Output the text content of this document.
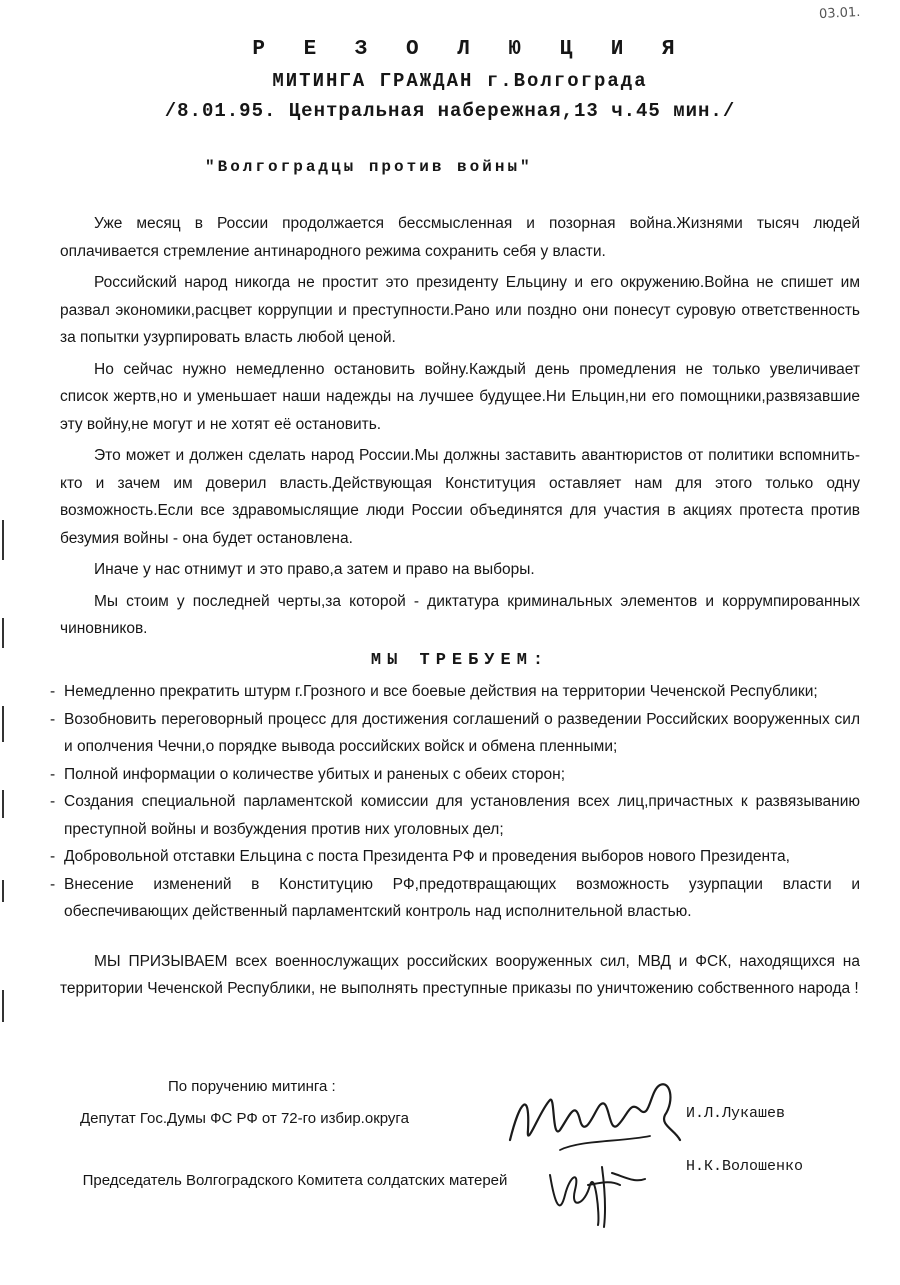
03.01.
Р Е З О Л Ю Ц И Я
МИТИНГА ГРАЖДАН г.Волгограда
/8.01.95. Центральная набережная,13 ч.45 мин./
"Волгоградцы против войны"

Уже месяц в России продолжается бессмысленная и позорная война.Жизнями тысяч людей оплачивается стремление антинародного режима сохранить себя у власти.

Российский народ никогда не простит это президенту Ельцину и его окружению.Война не спишет им развал экономики,расцвет коррупции и преступности.Рано или поздно они понесут суровую ответственность за попытки узурпировать власть любой ценой.

Но сейчас нужно немедленно остановить войну.Каждый день промедления не только увеличивает список жертв,но и уменьшает наши надежды на лучшее будущее.Ни Ельцин,ни его помощники,развязавшие эту войну,не могут и не хотят её остановить.

Это может и должен сделать народ России.Мы должны заставить авантюристов от политики вспомнить-кто и зачем им доверил власть.Действующая Конституция оставляет нам для этого только одну возможность.Если все здравомыслящие люди России объединятся для участия в акциях протеста против безумия войны - она будет остановлена.

Иначе у нас отнимут и это право,а затем и право на выборы.

Мы стоим у последней черты,за которой - диктатура криминальных элементов и коррумпированных чиновников.

МЫ ТРЕБУЕМ:
- Немедленно прекратить штурм г.Грозного и все боевые действия на территории Чеченской Республики;
- Возобновить переговорный процесс для достижения соглашений о разведении Российских вооруженных сил и ополчения Чечни,о порядке вывода российских войск и обмена пленными;
- Полной информации о количестве убитых и раненых с обеих сторон;
- Создания специальной парламентской комиссии для установления всех лиц,причастных к развязыванию преступной войны и возбуждения против них уголовных дел;
- Добровольной отставки Ельцина с поста Президента РФ и проведения выборов нового Президента,
- Внесение изменений в Конституцию РФ,предотвращающих возможность узурпации власти и обеспечивающих действенный парламентский контроль над исполнительной властью.

МЫ ПРИЗЫВАЕМ всех военнослужащих российских вооруженных сил, МВД и ФСК, находящихся на территории Чеченской Республики, не выполнять преступные приказы по уничтожению собственного народа !

По поручению митинга :
Депутат Гос.Думы ФС РФ от 72-го избир.округа	И.Л.Лукашев
Председатель Волгоградского Комитета солдатских матерей
Н.К.Волошенко
